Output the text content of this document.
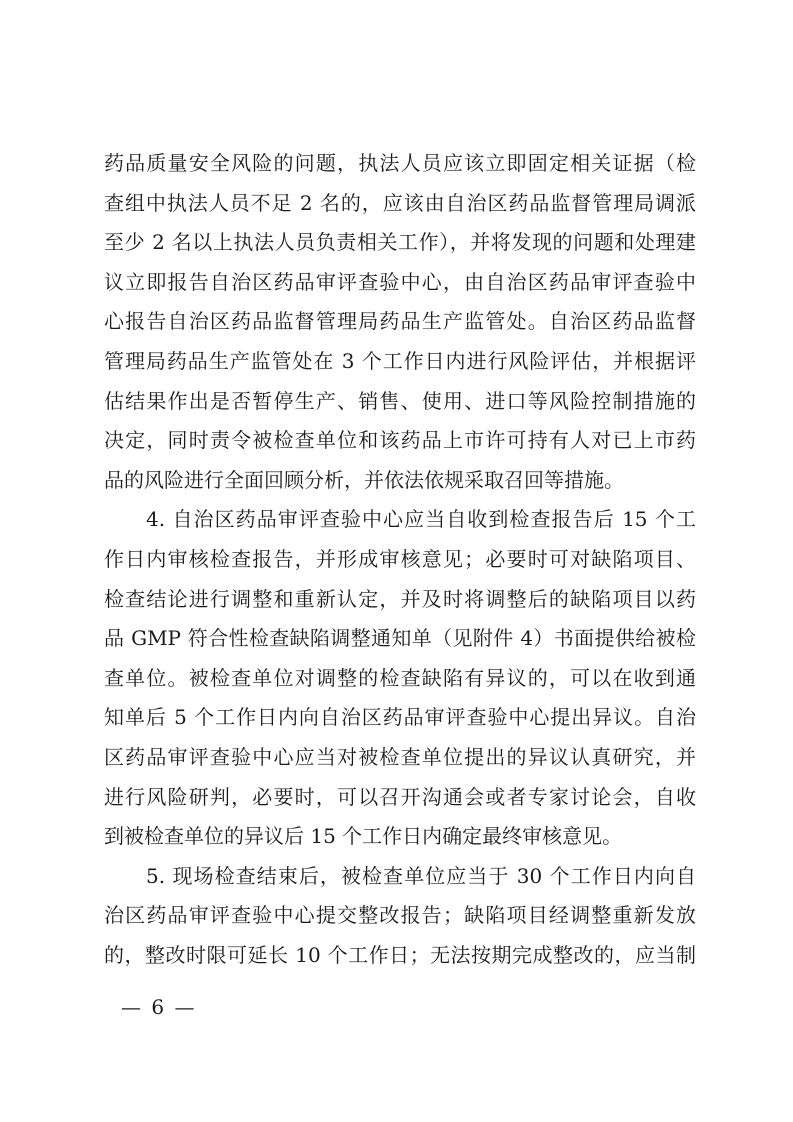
药品质量安全风险的问题，执法人员应该立即固定相关证据（检
查组中执法人员不足 2 名的，应该由自治区药品监督管理局调派
至少 2 名以上执法人员负责相关工作），并将发现的问题和处理建
议立即报告自治区药品审评查验中心，由自治区药品审评查验中
心报告自治区药品监督管理局药品生产监管处。自治区药品监督
管理局药品生产监管处在 3 个工作日内进行风险评估，并根据评
估结果作出是否暂停生产、销售、使用、进口等风险控制措施的
决定，同时责令被检查单位和该药品上市许可持有人对已上市药
品的风险进行全面回顾分析，并依法依规采取召回等措施。
4. 自治区药品审评查验中心应当自收到检查报告后 15 个工
作日内审核检查报告，并形成审核意见；必要时可对缺陷项目、
检查结论进行调整和重新认定，并及时将调整后的缺陷项目以药
品 GMP 符合性检查缺陷调整通知单（见附件 4）书面提供给被检
查单位。被检查单位对调整的检查缺陷有异议的，可以在收到通
知单后 5 个工作日内向自治区药品审评查验中心提出异议。自治
区药品审评查验中心应当对被检查单位提出的异议认真研究，并
进行风险研判，必要时，可以召开沟通会或者专家讨论会，自收
到被检查单位的异议后 15 个工作日内确定最终审核意见。
5. 现场检查结束后，被检查单位应当于 30 个工作日内向自
治区药品审评查验中心提交整改报告；缺陷项目经调整重新发放
的，整改时限可延长 10 个工作日；无法按期完成整改的，应当制
— 6 —
